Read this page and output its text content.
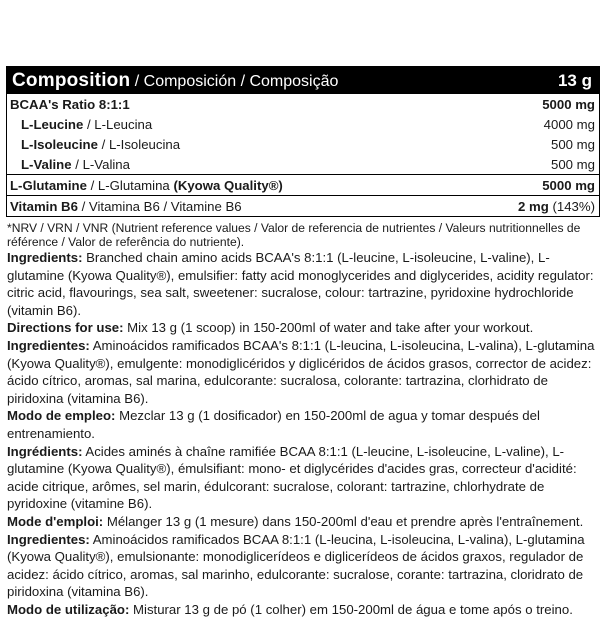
Composition / Composición / Composição	13 g
BCAA's Ratio 8:1:1	5000 mg
L-Leucine / L-Leucina	4000 mg
L-Isoleucine / L-Isoleucina	500 mg
L-Valine / L-Valina	500 mg
L-Glutamine / L-Glutamina (Kyowa Quality®)	5000 mg
Vitamin B6 / Vitamina B6 / Vitamine B6	2 mg (143%)
*NRV / VRN / VNR (Nutrient reference values / Valor de referencia de nutrientes / Valeurs nutritionnelles de référence / Valor de referência do nutriente).
Ingredients: Branched chain amino acids BCAA's 8:1:1 (L-leucine, L-isoleucine, L-valine), L-glutamine (Kyowa Quality®), emulsifier: fatty acid monoglycerides and diglycerides, acidity regulator: citric acid, flavourings, sea salt, sweetener: sucralose, colour: tartrazine, pyridoxine hydrochloride (vitamin B6).
Directions for use: Mix 13 g (1 scoop) in 150-200ml of water and take after your workout.
Ingredientes: Aminoácidos ramificados BCAA's 8:1:1 (L-leucina, L-isoleucina, L-valina), L-glutamina (Kyowa Quality®), emulgente: monodiglicéridos y diglicéridos de ácidos grasos, corrector de acidez: ácido cítrico, aromas, sal marina, edulcorante: sucralosa, colorante: tartrazina, clorhidrato de piridoxina (vitamina B6).
Modo de empleo: Mezclar 13 g (1 dosificador) en 150-200ml de agua y tomar después del entrenamiento.
Ingrédients: Acides aminés à chaîne ramifiée BCAA 8:1:1 (L-leucine, L-isoleucine, L-valine), L-glutamine (Kyowa Quality®), émulsifiant: mono- et diglycérides d'acides gras, correcteur d'acidité: acide citrique, arômes, sel marin, édulcorant: sucralose, colorant: tartrazine, chlorhydrate de pyridoxine (vitamine B6).
Mode d'emploi: Mélanger 13 g (1 mesure) dans 150-200ml d'eau et prendre après l'entraînement.
Ingredientes: Aminoácidos ramificados BCAA 8:1:1 (L-leucina, L-isoleucina, L-valina), L-glutamina (Kyowa Quality®), emulsionante: monodiglicerídeos e diglicerídeos de ácidos graxos, regulador de acidez: ácido cítrico, aromas, sal marinho, edulcorante: sucralose, corante: tartrazina, cloridrato de piridoxina (vitamina B6).
Modo de utilização: Misturar 13 g de pó (1 colher) em 150-200ml de água e tome após o treino.
